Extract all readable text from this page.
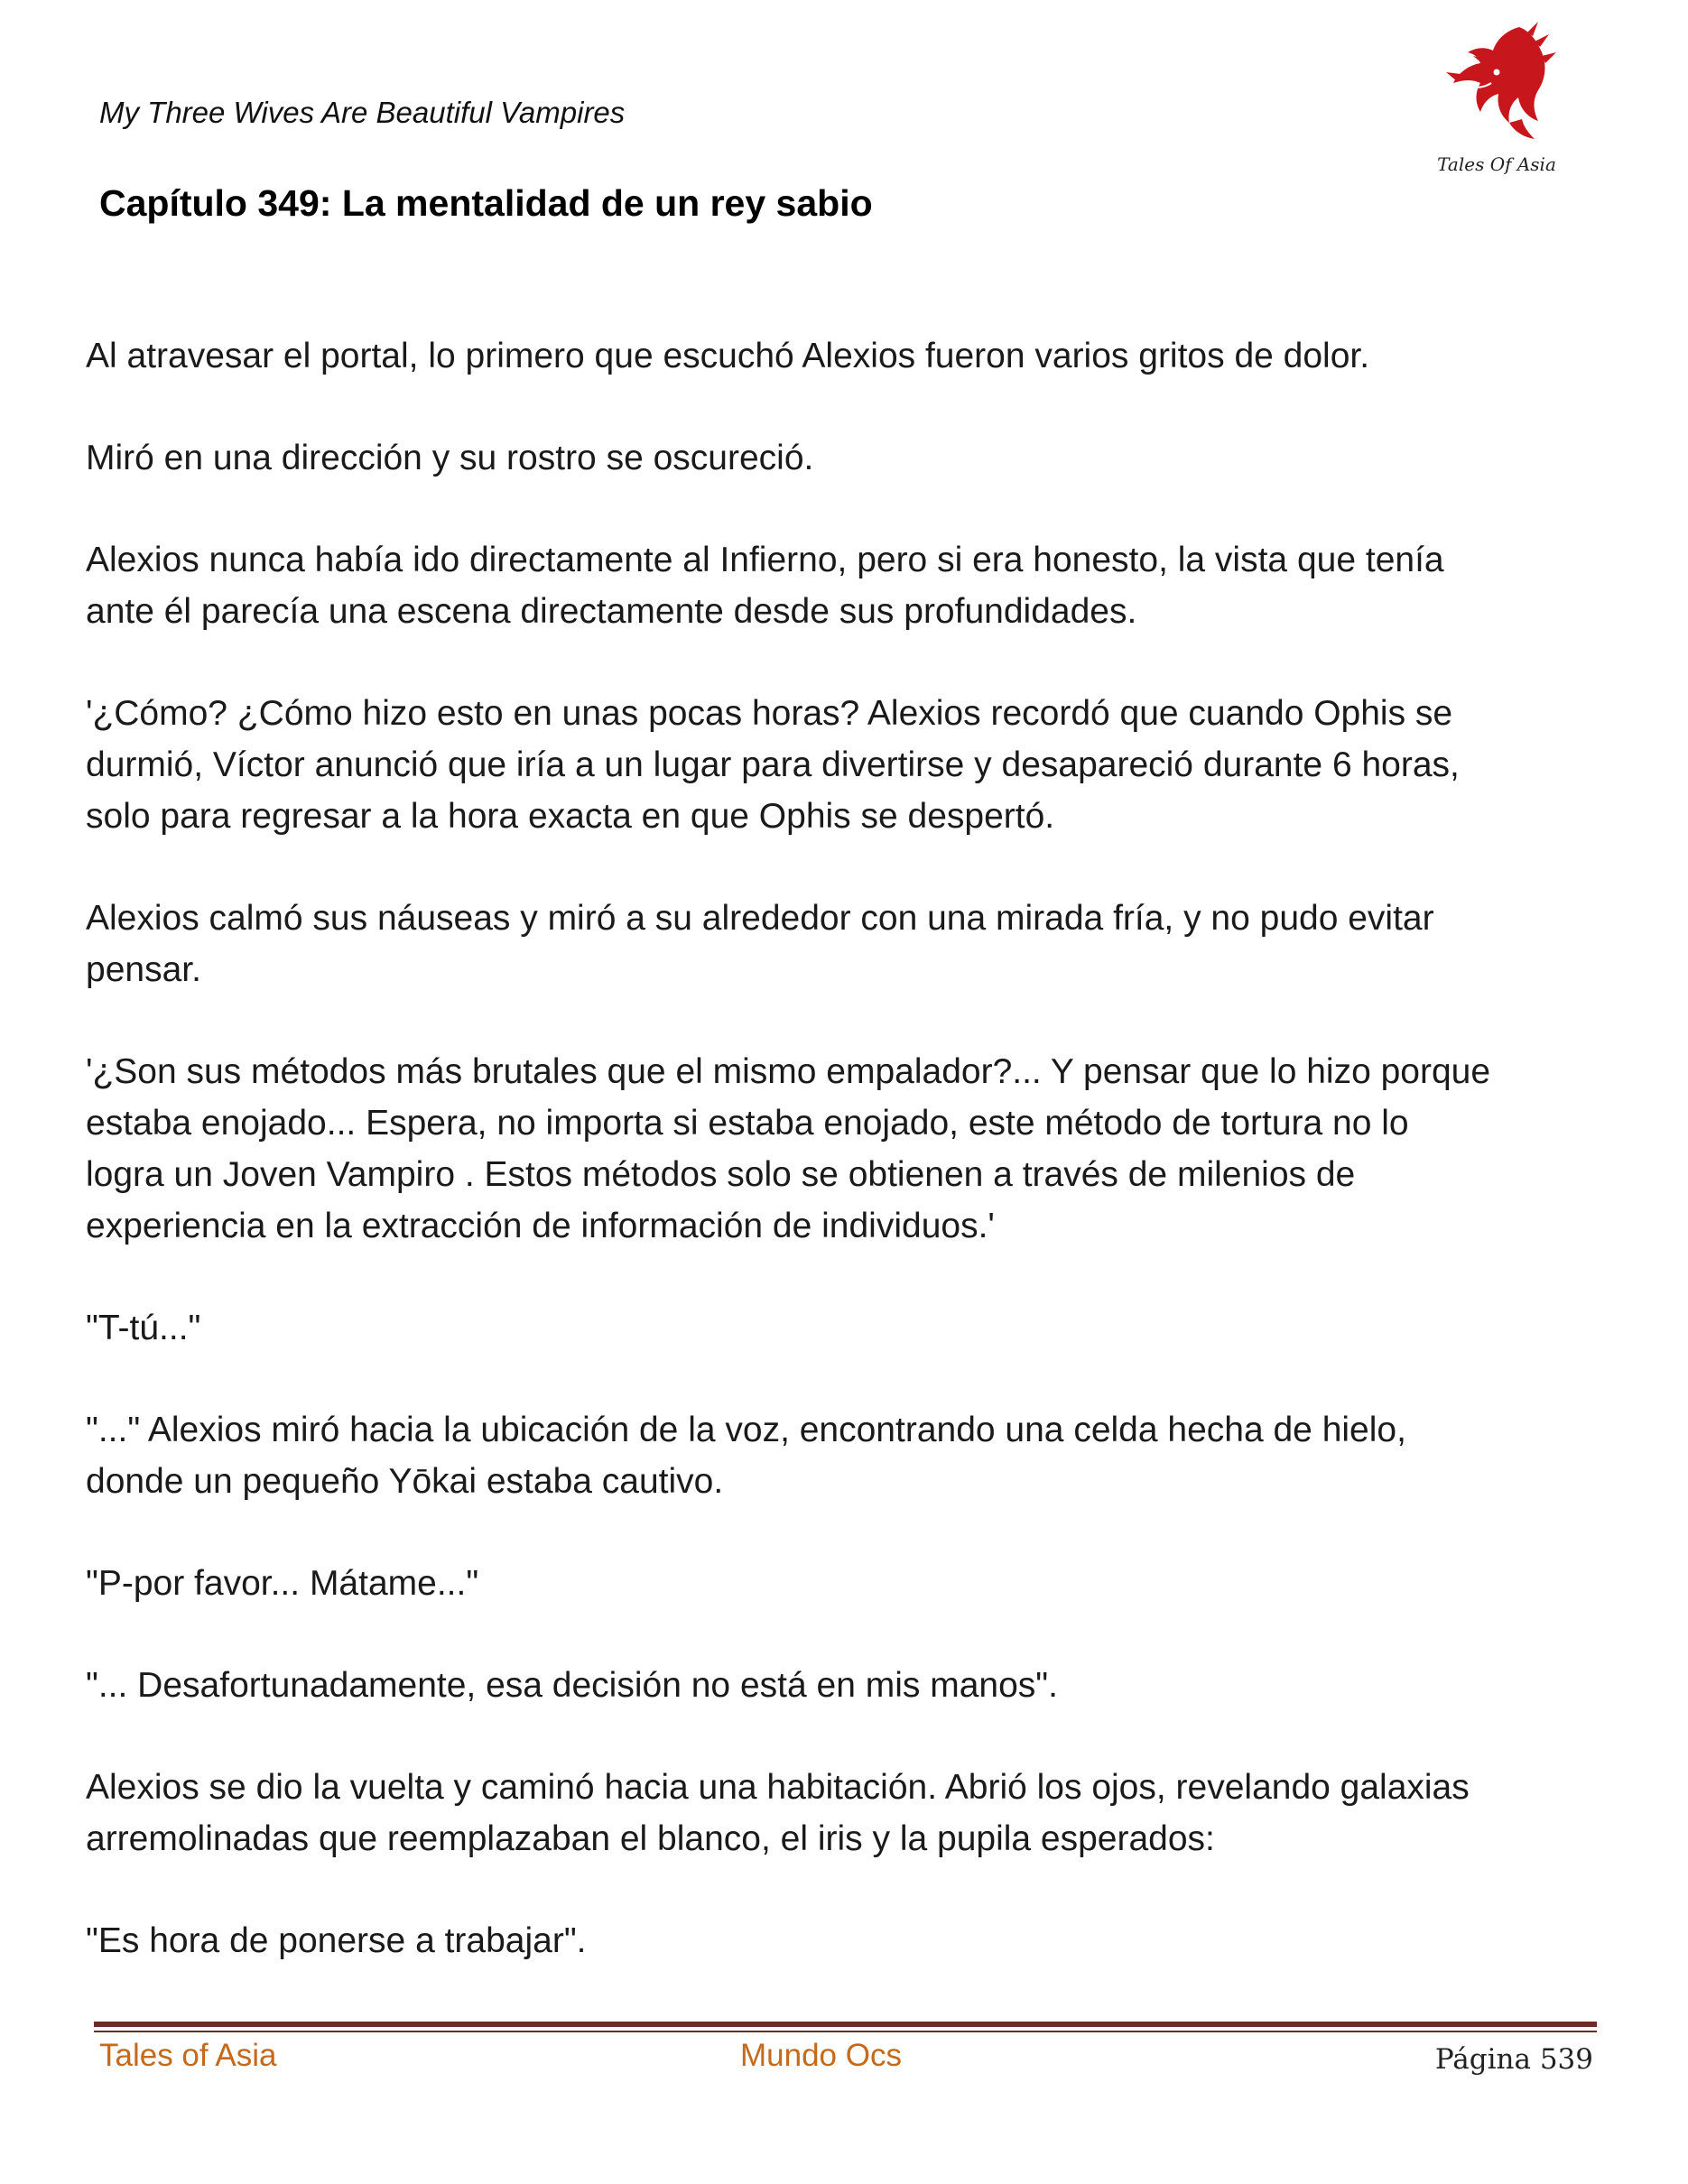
My Three Wives Are Beautiful Vampires
Tales Of Asia
Capítulo 349: La mentalidad de un rey sabio

Al atravesar el portal, lo primero que escuchó Alexios fueron varios gritos de dolor.

Miró en una dirección y su rostro se oscureció.

Alexios nunca había ido directamente al Infierno, pero si era honesto, la vista que tenía
ante él parecía una escena directamente desde sus profundidades.

'¿Cómo? ¿Cómo hizo esto en unas pocas horas? Alexios recordó que cuando Ophis se
durmió, Víctor anunció que iría a un lugar para divertirse y desapareció durante 6 horas,
solo para regresar a la hora exacta en que Ophis se despertó.

Alexios calmó sus náuseas y miró a su alrededor con una mirada fría, y no pudo evitar
pensar.

'¿Son sus métodos más brutales que el mismo empalador?... Y pensar que lo hizo porque
estaba enojado... Espera, no importa si estaba enojado, este método de tortura no lo
logra un Joven Vampiro . Estos métodos solo se obtienen a través de milenios de
experiencia en la extracción de información de individuos.'

"T-tú..."

"..." Alexios miró hacia la ubicación de la voz, encontrando una celda hecha de hielo,
donde un pequeño Yōkai estaba cautivo.

"P-por favor... Mátame..."

"... Desafortunadamente, esa decisión no está en mis manos".

Alexios se dio la vuelta y caminó hacia una habitación. Abrió los ojos, revelando galaxias
arremolinadas que reemplazaban el blanco, el iris y la pupila esperados:

"Es hora de ponerse a trabajar".

Tales of Asia	Mundo Ocs	Página 539
